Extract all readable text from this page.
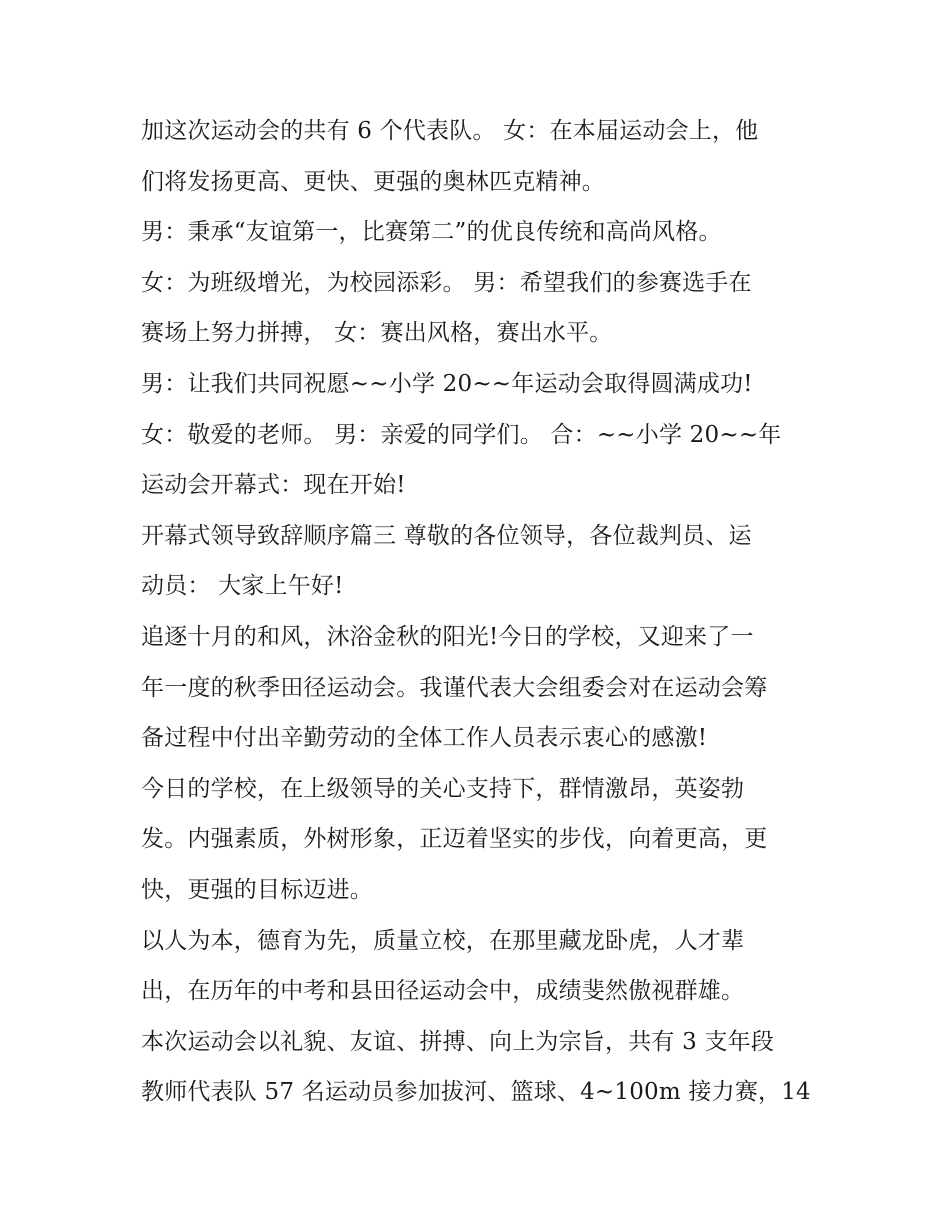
加这次运动会的共有 6 个代表队。 女：在本届运动会上，他
们将发扬更高、更快、更强的奥林匹克精神。
男：秉承“友谊第一，比赛第二”的优良传统和高尚风格。
女：为班级增光，为校园添彩。 男：希望我们的参赛选手在
赛场上努力拼搏， 女：赛出风格，赛出水平。
男：让我们共同祝愿~~小学 20~~年运动会取得圆满成功!
女：敬爱的老师。 男：亲爱的同学们。 合：~~小学 20~~年
运动会开幕式：现在开始!
开幕式领导致辞顺序篇三 尊敬的各位领导，各位裁判员、运
动员： 大家上午好!
追逐十月的和风，沐浴金秋的阳光!今日的学校，又迎来了一
年一度的秋季田径运动会。我谨代表大会组委会对在运动会筹
备过程中付出辛勤劳动的全体工作人员表示衷心的感激!
今日的学校，在上级领导的关心支持下，群情激昂，英姿勃
发。内强素质，外树形象，正迈着坚实的步伐，向着更高，更
快，更强的目标迈进。
以人为本，德育为先，质量立校，在那里藏龙卧虎，人才辈
出，在历年的中考和县田径运动会中，成绩斐然傲视群雄。
本次运动会以礼貌、友谊、拼搏、向上为宗旨，共有 3 支年段
教师代表队 57 名运动员参加拔河、篮球、4~100m 接力赛，14
